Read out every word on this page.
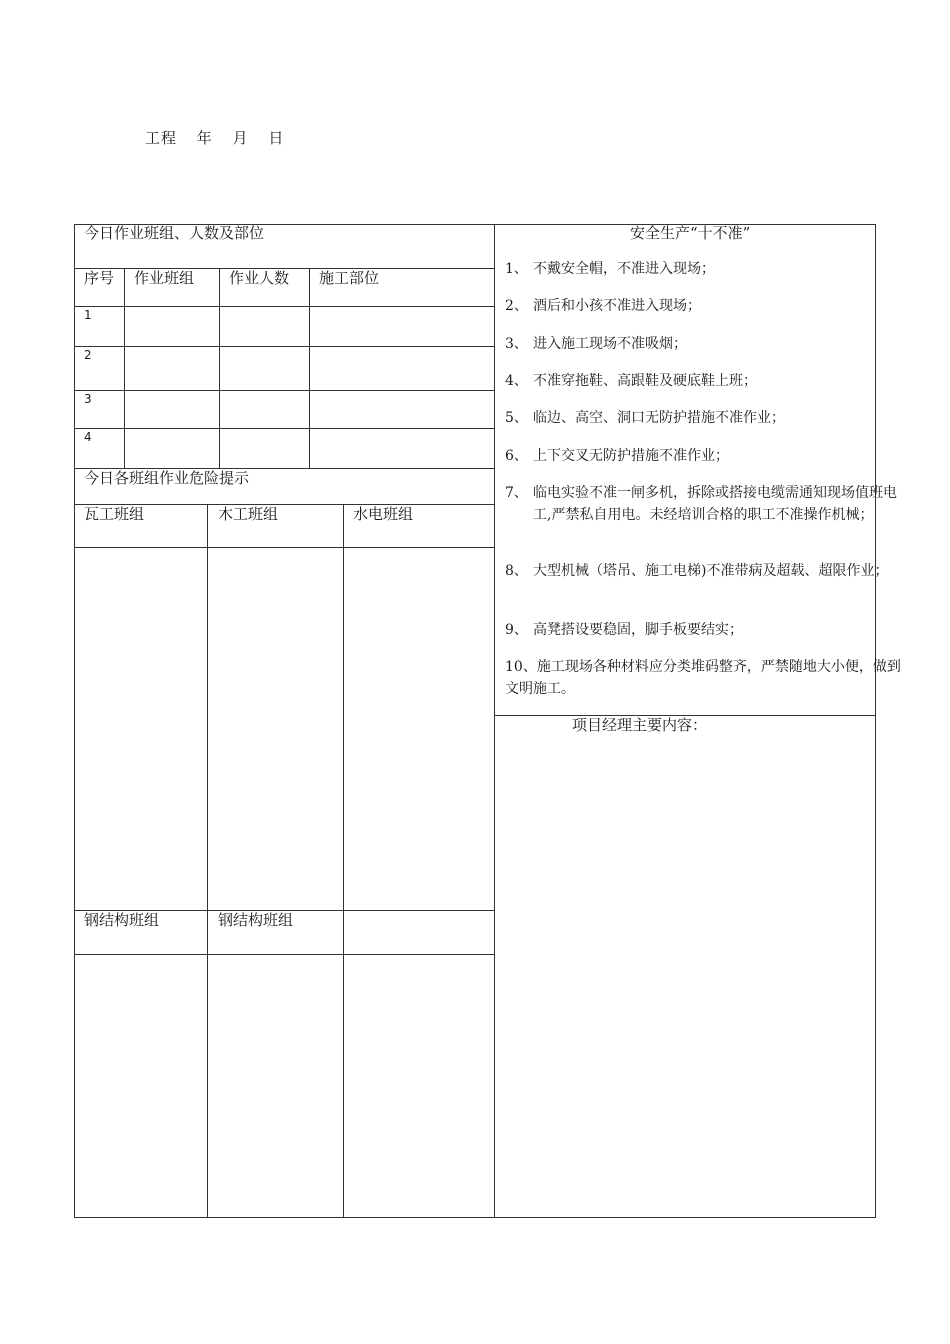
工程 年 月 日
今日作业班组、人数及部位
序号 作业班组 作业人数 施工部位
1
2
3
4
今日各班组作业危险提示
瓦工班组	木工班组	水电班组
钢结构班组	钢结构班组
安全生产“十不准”
1、 不戴安全帽，不准进入现场；
2、 酒后和小孩不准进入现场；
3、 进入施工现场不准吸烟；
4、 不准穿拖鞋、高跟鞋及硬底鞋上班；
5、 临边、高空、洞口无防护措施不准作业；
6、 上下交叉无防护措施不准作业；
7、 临电实验不准一闸多机，拆除或搭接电缆需通知现场值班电工,严禁私自用电。未经培训合格的职工不准操作机械；
8、 大型机械（塔吊、施工电梯)不准带病及超载、超限作业；
9、 高凳搭设要稳固，脚手板要结实；
10、施工现场各种材料应分类堆码整齐，严禁随地大小便，做到文明施工。
项目经理主要内容：
